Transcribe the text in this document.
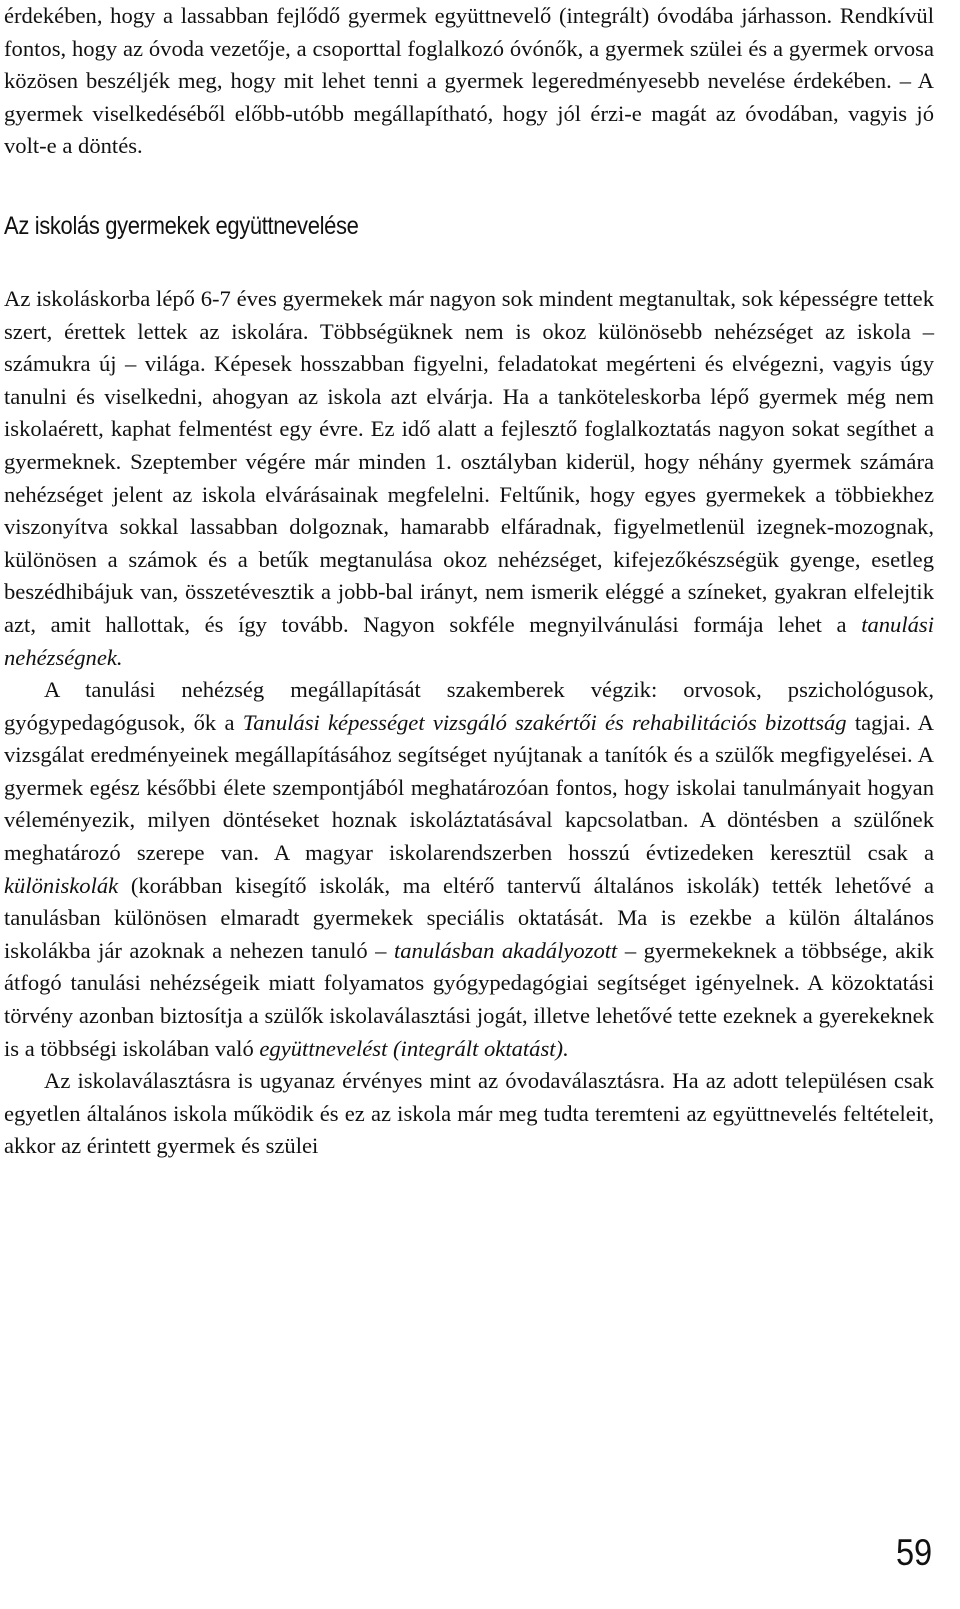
érdekében, hogy a lassabban fejlődő gyermek együttnevelő (integrált) óvodába járhasson. Rendkívül fontos, hogy az óvoda vezetője, a csoporttal foglalkozó óvónők, a gyermek szülei és a gyermek orvosa közösen beszéljék meg, hogy mit lehet tenni a gyermek legeredményesebb nevelése érdekében. – A gyermek viselkedéséből előbb-utóbb megállapítható, hogy jól érzi-e magát az óvodában, vagyis jó volt-e a döntés.

Az iskolás gyermekek együttnevelése

Az iskoláskorba lépő 6-7 éves gyermekek már nagyon sok mindent megtanultak, sok képességre tettek szert, érettek lettek az iskolára. Többségüknek nem is okoz különösebb nehézséget az iskola – számukra új – világa. Képesek hosszabban figyelni, feladatokat megérteni és elvégezni, vagyis úgy tanulni és viselkedni, ahogyan az iskola azt elvárja. Ha a tanköteleskorba lépő gyermek még nem iskolaérett, kaphat felmentést egy évre. Ez idő alatt a fejlesztő foglalkoztatás nagyon sokat segíthet a gyermeknek. Szeptember végére már minden 1. osztályban kiderül, hogy néhány gyermek számára nehézséget jelent az iskola elvárásainak megfelelni. Feltűnik, hogy egyes gyermekek a többiekhez viszonyítva sokkal lassabban dolgoznak, hamarabb elfáradnak, figyelmetlenül izegnek-mozognak, különösen a számok és a betűk megtanulása okoz nehézséget, kifejezőkészségük gyenge, esetleg beszédhibájuk van, összetévesztik a jobb-bal irányt, nem ismerik eléggé a színeket, gyakran elfelejtik azt, amit hallottak, és így tovább. Nagyon sokféle megnyilvánulási formája lehet a tanulási nehézségnek.

A tanulási nehézség megállapítását szakemberek végzik: orvosok, pszichológusok, gyógypedagógusok, ők a Tanulási képességet vizsgáló szakértői és rehabilitációs bizottság tagjai. A vizsgálat eredményeinek megállapításához segítséget nyújtanak a tanítók és a szülők megfigyelései. A gyermek egész későbbi élete szempontjából meghatározóan fontos, hogy iskolai tanulmányait hogyan véleményezik, milyen döntéseket hoznak iskoláztatásával kapcsolatban. A döntésben a szülőnek meghatározó szerepe van. A magyar iskolarendszerben hosszú évtizedeken keresztül csak a különiskolák (korábban kisegítő iskolák, ma eltérő tantervű általános iskolák) tették lehetővé a tanulásban különösen elmaradt gyermekek speciális oktatását. Ma is ezekbe a külön általános iskolákba jár azoknak a nehezen tanuló – tanulásban akadályozott – gyermekeknek a többsége, akik átfogó tanulási nehézségeik miatt folyamatos gyógypedagógiai segítséget igényelnek. A közoktatási törvény azonban biztosítja a szülők iskolaválasztási jogát, illetve lehetővé tette ezeknek a gyerekeknek is a többségi iskolában való együttnevelést (integrált oktatást).

Az iskolaválasztásra is ugyanaz érvényes mint az óvodaválasztásra. Ha az adott településen csak egyetlen általános iskola működik és ez az iskola már meg tudta teremteni az együttnevelés feltételeit, akkor az érintett gyermek és szülei

59
